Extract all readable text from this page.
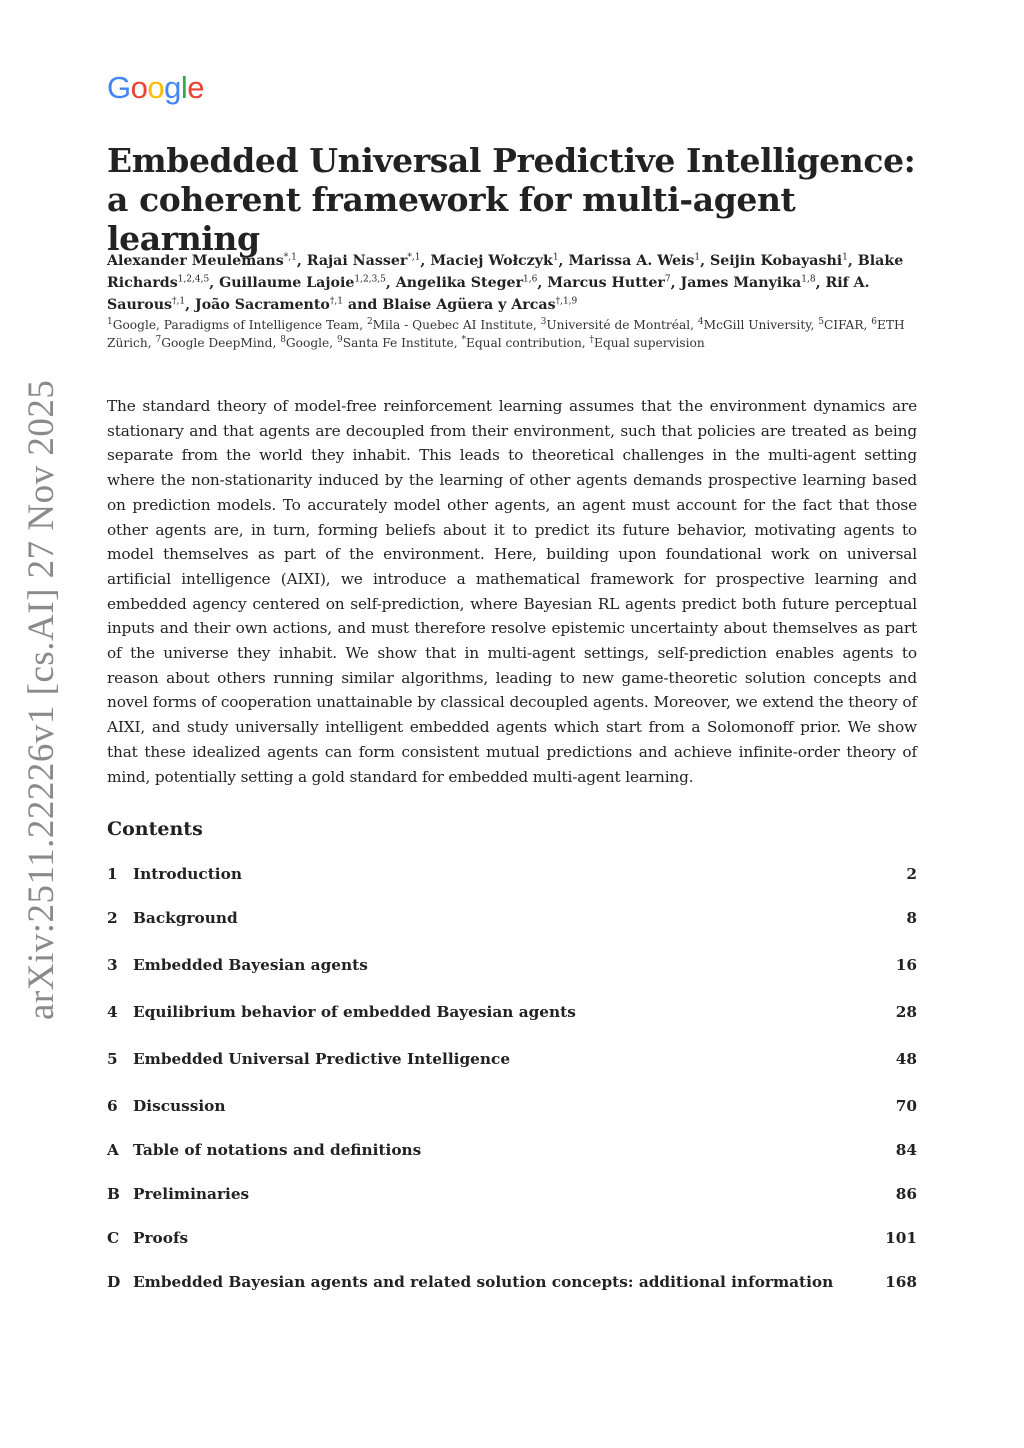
Google
Embedded Universal Predictive Intelligence: a coherent framework for multi-agent learning
Alexander Meulemans$^{*,1}$, Rajai Nasser$^{*,1}$, Maciej Wołczyk$^1$, Marissa A. Weis$^1$, Seijin Kobayashi$^1$, Blake Richards$^{1,2,4,5}$, Guillaume Lajoie$^{1,2,3,5}$, Angelika Steger$^{1,6}$, Marcus Hutter$^7$, James Manyika$^{1,8}$, Rif A. Saurous$^{\dagger,1}$, João Sacramento$^{\dagger,1}$ and Blaise Agüera y Arcas$^{\dagger,1,9}$
$^1$Google, Paradigms of Intelligence Team, $^2$Mila - Quebec AI Institute, $^3$Université de Montréal, $^4$McGill University, $^5$CIFAR, $^6$ETH Zürich, $^7$Google DeepMind, $^8$Google, $^9$Santa Fe Institute, *Equal contribution, †Equal supervision

The standard theory of model-free reinforcement learning assumes that the environment dynamics are stationary and that agents are decoupled from their environment, such that policies are treated as being separate from the world they inhabit. This leads to theoretical challenges in the multi-agent setting where the non-stationarity induced by the learning of other agents demands prospective learning based on prediction models. To accurately model other agents, an agent must account for the fact that those other agents are, in turn, forming beliefs about it to predict its future behavior, motivating agents to model themselves as part of the environment. Here, building upon foundational work on universal artificial intelligence (AIXI), we introduce a mathematical framework for prospective learning and embedded agency centered on self-prediction, where Bayesian RL agents predict both future perceptual inputs and their own actions, and must therefore resolve epistemic uncertainty about themselves as part of the universe they inhabit. We show that in multi-agent settings, self-prediction enables agents to reason about others running similar algorithms, leading to new game-theoretic solution concepts and novel forms of cooperation unattainable by classical decoupled agents. Moreover, we extend the theory of AIXI, and study universally intelligent embedded agents which start from a Solomonoff prior. We show that these idealized agents can form consistent mutual predictions and achieve infinite-order theory of mind, potentially setting a gold standard for embedded multi-agent learning.

arXiv:2511.22226v1 [cs.AI] 27 Nov 2025 Contents
1	Introduction	2
2	Background	8
3	Embedded Bayesian agents	16
4	Equilibrium behavior of embedded Bayesian agents	28
5	Embedded Universal Predictive Intelligence	48
6	Discussion	70
A Table of notations and definitions	84
B Preliminaries	86
C Proofs	101
D Embedded Bayesian agents and related solution concepts: additional information	168
